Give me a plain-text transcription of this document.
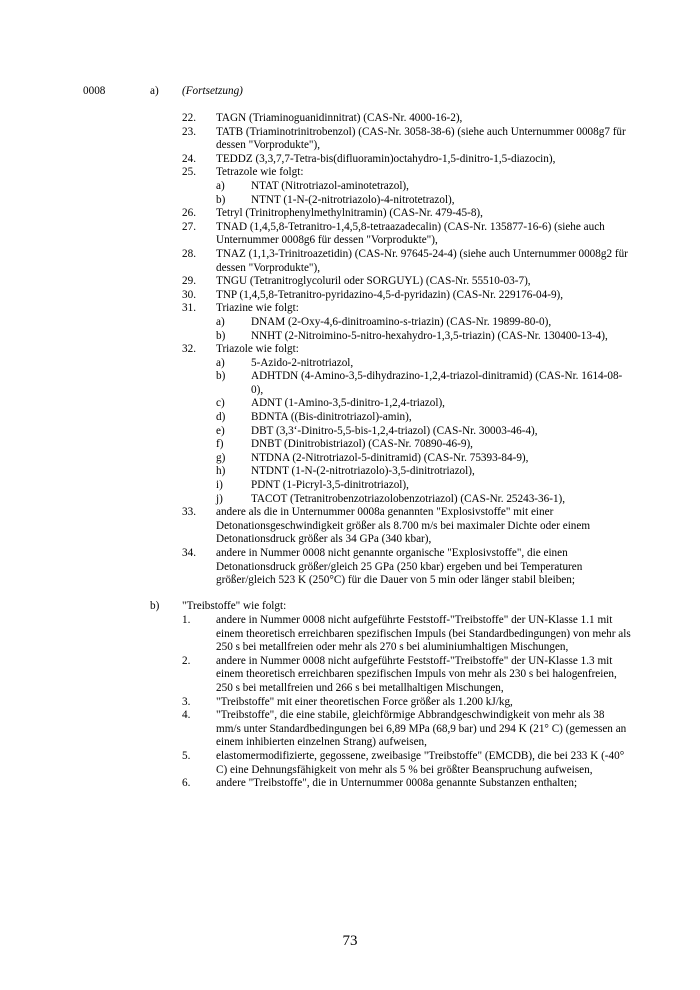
0008	a) (Fortsetzung)
22. TAGN (Triaminoguanidinnitrat) (CAS-Nr. 4000-16-2),
23. TATB (Triaminotrinitrobenzol) (CAS-Nr. 3058-38-6) (siehe auch Unternummer 0008g7 für dessen "Vorprodukte"),
24. TEDDZ (3,3,7,7-Tetra-bis(difluoramin)octahydro-1,5-dinitro-1,5-diazocin),
25. Tetrazole wie folgt:
a) NTAT (Nitrotriazol-aminotetrazol),
b) NTNT (1-N-(2-nitrotriazolo)-4-nitrotetrazol),
26. Tetryl (Trinitrophenylmethylnitramin) (CAS-Nr. 479-45-8),
27. TNAD (1,4,5,8-Tetranitro-1,4,5,8-tetraazadecalin) (CAS-Nr. 135877-16-6) (siehe auch Unternummer 0008g6 für dessen "Vorprodukte"),
28. TNAZ (1,1,3-Trinitroazetidin) (CAS-Nr. 97645-24-4) (siehe auch Unternummer 0008g2 für dessen "Vorprodukte"),
29. TNGU (Tetranitroglycoluril oder SORGUYL) (CAS-Nr. 55510-03-7),
30. TNP (1,4,5,8-Tetranitro-pyridazino-4,5-d-pyridazin) (CAS-Nr. 229176-04-9),
31. Triazine wie folgt:
a) DNAM (2-Oxy-4,6-dinitroamino-s-triazin) (CAS-Nr. 19899-80-0),
b) NNHT (2-Nitroimino-5-nitro-hexahydro-1,3,5-triazin) (CAS-Nr. 130400-13-4),
32. Triazole wie folgt:
a) 5-Azido-2-nitrotriazol,
b) ADHTDN (4-Amino-3,5-dihydrazino-1,2,4-triazol-dinitramid) (CAS-Nr. 1614-08-0),
c) ADNT (1-Amino-3,5-dinitro-1,2,4-triazol),
d) BDNTA ((Bis-dinitrotriazol)-amin),
e) DBT (3,3‘-Dinitro-5,5-bis-1,2,4-triazol) (CAS-Nr. 30003-46-4),
f) DNBT (Dinitrobistriazol) (CAS-Nr. 70890-46-9),
g) NTDNA (2-Nitrotriazol-5-dinitramid) (CAS-Nr. 75393-84-9),
h) NTDNT (1-N-(2-nitrotriazolo)-3,5-dinitrotriazol),
i)	PDNT (1-Picryl-3,5-dinitrotriazol),
j)	TACOT (Tetranitrobenzotriazolobenzotriazol) (CAS-Nr. 25243-36-1),
33. andere als die in Unternummer 0008a genannten "Explosivstoffe" mit einer Detonationsgeschwindigkeit größer als 8.700 m/s bei maximaler Dichte oder einem Detonationsdruck größer als 34 GPa (340 kbar),
34. andere in Nummer 0008 nicht genannte organische "Explosivstoffe", die einen Detonationsdruck größer/gleich 25 GPa (250 kbar) ergeben und bei Temperaturen größer/gleich 523 K (250°C) für die Dauer von 5 min oder länger stabil bleiben;
b) "Treibstoffe" wie folgt:
1. andere in Nummer 0008 nicht aufgeführte Feststoff-"Treibstoffe" der UN-Klasse 1.1 mit einem theoretisch erreichbaren spezifischen Impuls (bei Standardbedingungen) von mehr als 250 s bei metallfreien oder mehr als 270 s bei aluminiumhaltigen Mischungen,
2. andere in Nummer 0008 nicht aufgeführte Feststoff-"Treibstoffe" der UN-Klasse 1.3 mit einem theoretisch erreichbaren spezifischen Impuls von mehr als 230 s bei halogenfreien, 250 s bei metallfreien und 266 s bei metallhaltigen Mischungen,
3. "Treibstoffe" mit einer theoretischen Force größer als 1.200 kJ/kg,
4. "Treibstoffe", die eine stabile, gleichförmige Abbrandgeschwindigkeit von mehr als 38 mm/s unter Standardbedingungen bei 6,89 MPa (68,9 bar) und 294 K (21° C) (gemessen an einem inhibierten einzelnen Strang) aufweisen,
5. elastomermodifizierte, gegossene, zweibasige "Treibstoffe" (EMCDB), die bei 233 K (-40° C) eine Dehnungsfähigkeit von mehr als 5 % bei größter Beanspruchung aufweisen,
6. andere "Treibstoffe", die in Unternummer 0008a genannte Substanzen enthalten;
73
